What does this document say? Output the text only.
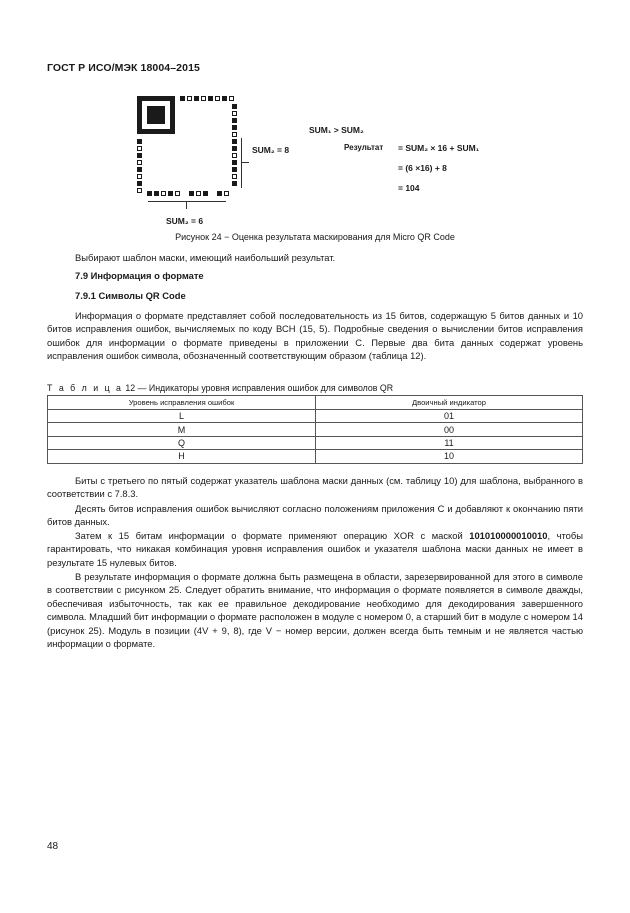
ГОСТ Р ИСО/МЭК 18004–2015
SUM₂ = 8
SUM₂ = 6
SUM₁ > SUM₂
Результат = SUM₂ × 16 + SUM₁
= (6 ×16) + 8
= 104
Рисунок 24 − Оценка результата маскирования для Micro QR Code
Выбирают шаблон маски, имеющий наибольший результат.
7.9 Информация о формате
7.9.1 Символы QR Code
Информация о формате представляет собой последовательность из 15 битов, содержащую 5 битов данных и 10 битов исправления ошибок, вычисляемых по коду ВСН (15, 5). Подробные сведения о вычислении битов исправления ошибок для информации о формате приведены в приложении С. Первые два бита данных содержат уровень исправления ошибок символа, обозначенный соответствующим образом (таблица 12).
Т а б л и ц а 12 — Индикаторы уровня исправления ошибок для символов QR
Уровень исправления ошибок	Двоичный индикатор
L	01
M	00
Q	11
H	10
Биты с третьего по пятый содержат указатель шаблона маски данных (см. таблицу 10) для шаблона, выбранного в соответствии с 7.8.3.
Десять битов исправления ошибок вычисляют согласно положениям приложения С и добавляют к окончанию пяти битов данных.
Затем к 15 битам информации о формате применяют операцию XOR с маской 101010000010010, чтобы гарантировать, что никакая комбинация уровня исправления ошибок и указателя шаблона маски данных не имеет в результате 15 нулевых битов.
В результате информация о формате должна быть размещена в области, зарезервированной для этого в символе в соответствии с рисунком 25. Следует обратить внимание, что информация о формате появляется в символе дважды, обеспечивая избыточность, так как ее правильное декодирование необходимо для декодирования завершенного символа. Младший бит информации о формате расположен в модуле с номером 0, а старший бит в модуле с номером 14 (рисунок 25). Модуль в позиции (4V + 9, 8), где V − номер версии, должен всегда быть темным и не является частью информации о формате.
48
